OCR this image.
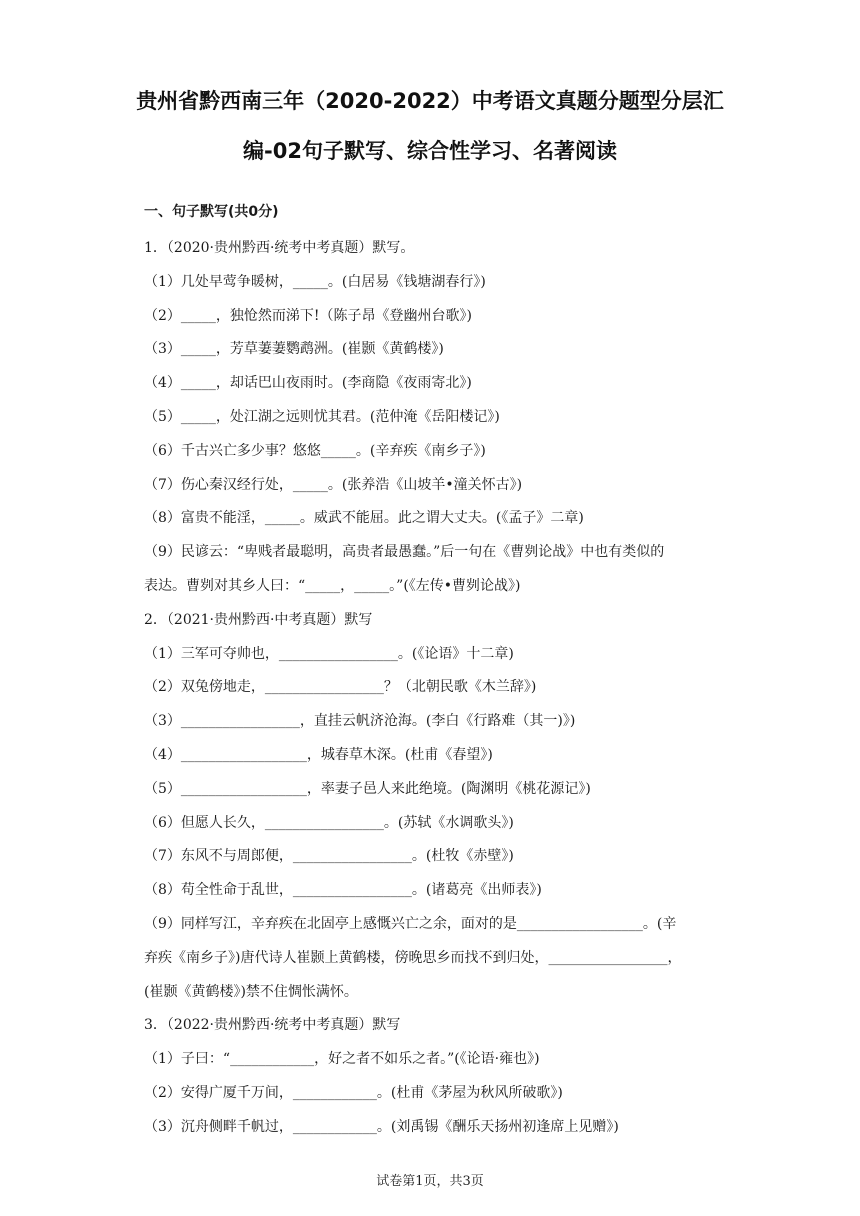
贵州省黔西南三年（2020-2022）中考语文真题分题型分层汇
编-02句子默写、综合性学习、名著阅读
一、句子默写(共0分)
1．（2020·贵州黔西·统考中考真题）默写。
（1）几处早莺争暖树，_____。(白居易《钱塘湖春行》)
（2）_____，独怆然而涕下!（陈子昂《登幽州台歌》)
（3）_____，芳草萋萋鹦鹉洲。(崔颢《黄鹤楼》)
（4）_____，却话巴山夜雨时。(李商隐《夜雨寄北》)
（5）_____，处江湖之远则忧其君。(范仲淹《岳阳楼记》)
（6）千古兴亡多少事？悠悠_____。(辛弃疾《南乡子》)
（7）伤心秦汉经行处，_____。(张养浩《山坡羊•潼关怀古》)
（8）富贵不能淫，_____。威武不能屈。此之谓大丈夫。(《孟子》二章)
（9）民谚云：“卑贱者最聪明，高贵者最愚蠢。”后一句在《曹刿论战》中也有类似的
表达。曹刿对其乡人曰：“_____，_____。”(《左传•曹刿论战》)
2．（2021·贵州黔西·中考真题）默写
（1）三军可夺帅也，_________________。(《论语》十二章)
（2）双兔傍地走，_________________？（北朝民歌《木兰辞》)
（3）_________________，直挂云帆济沧海。(李白《行路难（其一)》)
（4）__________________，城春草木深。(杜甫《春望》)
（5）__________________，率妻子邑人来此绝境。(陶渊明《桃花源记》)
（6）但愿人长久，_________________。(苏轼《水调歌头》)
（7）东风不与周郎便，_________________。(杜牧《赤壁》)
（8）苟全性命于乱世，_________________。(诸葛亮《出师表》)
（9）同样写江，辛弃疾在北固亭上感慨兴亡之余，面对的是__________________。(辛
弃疾《南乡子》)唐代诗人崔颢上黄鹤楼，傍晚思乡而找不到归处，_________________，
(崔颢《黄鹤楼》)禁不住惆怅满怀。
3．（2022·贵州黔西·统考中考真题）默写
（1）子曰：“____________，好之者不如乐之者。”(《论语·雍也》)
（2）安得广厦千万间，____________。(杜甫《茅屋为秋风所破歌》)
（3）沉舟侧畔千帆过，____________。(刘禹锡《酬乐天扬州初逢席上见赠》)
试卷第1页，共3页
